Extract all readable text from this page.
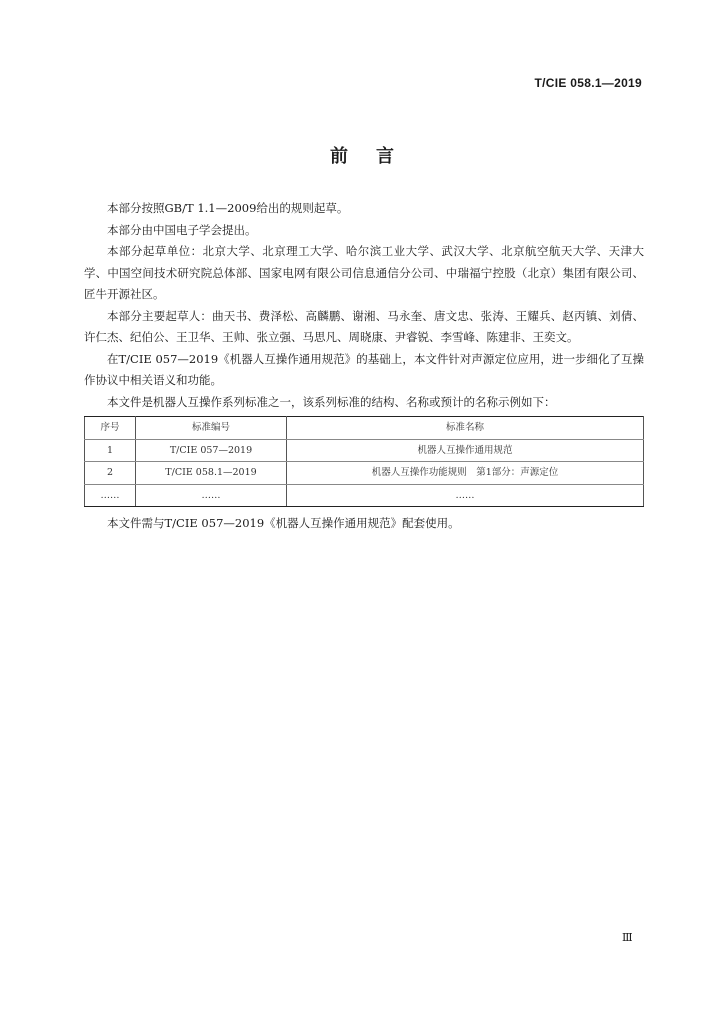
T/CIE 058.1—2019
前言

本部分按照GB/T 1.1—2009给出的规则起草。

本部分由中国电子学会提出。

本部分起草单位：北京大学、北京理工大学、哈尔滨工业大学、武汉大学、北京航空航天大学、天津大学、中国空间技术研究院总体部、国家电网有限公司信息通信分公司、中瑞福宁控股（北京）集团有限公司、匠牛开源社区。

本部分主要起草人：曲天书、费泽松、高麟鹏、谢湘、马永奎、唐文忠、张涛、王耀兵、赵丙镇、刘倩、许仁杰、纪伯公、王卫华、王帅、张立强、马思凡、周晓康、尹睿锐、李雪峰、陈建非、王奕文。

在T/CIE 057—2019《机器人互操作通用规范》的基础上，本文件针对声源定位应用，进一步细化了互操作协议中相关语义和功能。

本文件是机器人互操作系列标准之一，该系列标准的结构、名称或预计的名称示例如下：

序号	标准编号	标准名称
1	T/CIE 057—2019	机器人互操作通用规范
2	T/CIE 058.1—2019	机器人互操作功能规则　第1部分：声源定位
……	……	……

本文件需与T/CIE 057—2019《机器人互操作通用规范》配套使用。

Ⅲ
